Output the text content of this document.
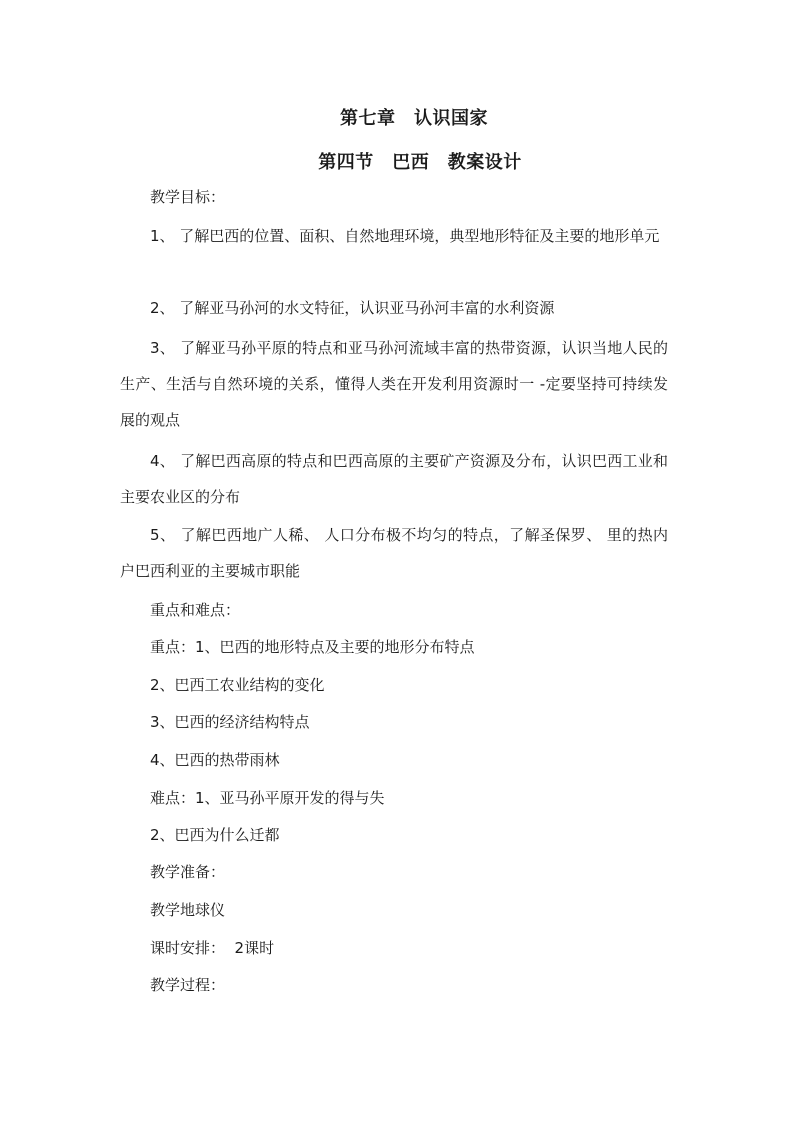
第七章　认识国家
第四节　巴西　教案设计
教学目标：
1、 了解巴西的位置、面积、自然地理环境，典型地形特征及主要的地形单元
2、 了解亚马孙河的水文特征，认识亚马孙河丰富的水利资源
3、 了解亚马孙平原的特点和亚马孙河流域丰富的热带资源，认识当地人民的生产、生活与自然环境的关系，懂得人类在开发利用资源时一 -定要坚持可持续发展的观点
4、 了解巴西高原的特点和巴西高原的主要矿产资源及分布，认识巴西工业和主要农业区的分布
5、 了解巴西地广人稀、 人口分布极不均匀的特点，了解圣保罗、 里的热内户巴西利亚的主要城市职能
重点和难点：
重点：1、巴西的地形特点及主要的地形分布特点
2、巴西工农业结构的变化
3、巴西的经济结构特点
4、巴西的热带雨林
难点：1、亚马孙平原开发的得与失
2、巴西为什么迁都
教学准备：
教学地球仪
课时安排：  2课时
教学过程：
